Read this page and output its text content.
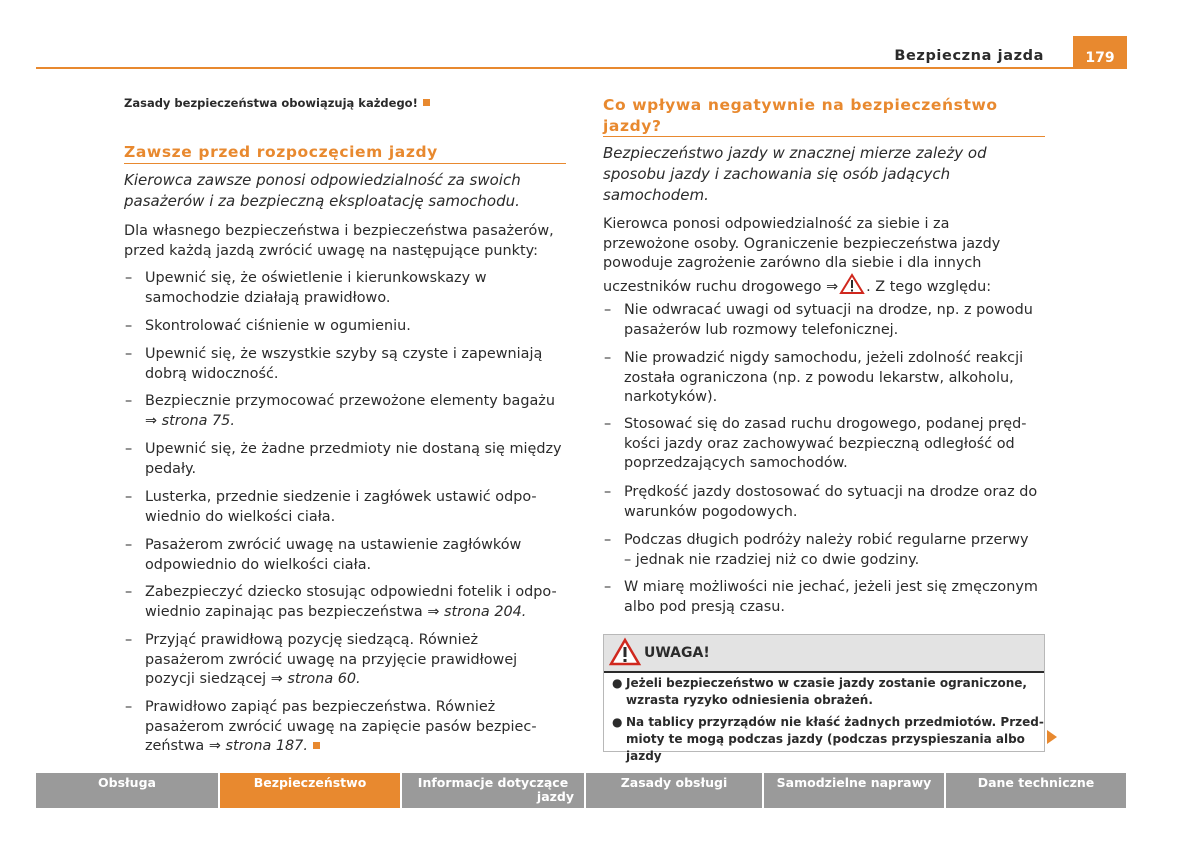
Bezpieczna jazda	179
Zasady bezpieczeństwa obowiązują każdego!
Zawsze przed rozpoczęciem jazdy
Kierowca zawsze ponosi odpowiedzialność za swoich
pasażerów i za bezpieczną eksploatację samochodu.
Dla własnego bezpieczeństwa i bezpieczeństwa pasażerów,
przed każdą jazdą zwrócić uwagę na następujące punkty:
– Upewnić się, że oświetlenie i kierunkowskazy w
samochodzie działają prawidłowo.
– Skontrolować ciśnienie w ogumieniu.
– Upewnić się, że wszystkie szyby są czyste i zapewniają
dobrą widoczność.
– Bezpiecznie przymocować przewożone elementy bagażu
⇒ strona 75.
– Upewnić się, że żadne przedmioty nie dostaną się między
pedały.
– Lusterka, przednie siedzenie i zagłówek ustawić odpo-
wiednio do wielkości ciała.
– Pasażerom zwrócić uwagę na ustawienie zagłówków
odpowiednio do wielkości ciała.
– Zabezpieczyć dziecko stosując odpowiedni fotelik i odpo-
wiednio zapinając pas bezpieczeństwa ⇒ strona 204.
– Przyjąć prawidłową pozycję siedzącą. Również
pasażerom zwrócić uwagę na przyjęcie prawidłowej
pozycji siedzącej ⇒ strona 60.
– Prawidłowo zapiąć pas bezpieczeństwa. Również
pasażerom zwrócić uwagę na zapięcie pasów bezpiec-
zeństwa ⇒ strona 187.
Co wpływa negatywnie na bezpieczeństwo
jazdy?
Bezpieczeństwo jazdy w znacznej mierze zależy od
sposobu jazdy i zachowania się osób jadących
samochodem.
Kierowca ponosi odpowiedzialność za siebie i za
przewożone osoby. Ograniczenie bezpieczeństwa jazdy
powoduje zagrożenie zarówno dla siebie i dla innych
uczestników ruchu drogowego ⇒ . Z tego względu:
– Nie odwracać uwagi od sytuacji na drodze, np. z powodu
pasażerów lub rozmowy telefonicznej.
– Nie prowadzić nigdy samochodu, jeżeli zdolność reakcji
została ograniczona (np. z powodu lekarstw, alkoholu,
narkotyków).
– Stosować się do zasad ruchu drogowego, podanej pręd-
kości jazdy oraz zachowywać bezpieczną odległość od
poprzedzających samochodów.
– Prędkość jazdy dostosować do sytuacji na drodze oraz do
warunków pogodowych.
– Podczas długich podróży należy robić regularne przerwy
– jednak nie rzadziej niż co dwie godziny.
– W miarę możliwości nie jechać, jeżeli jest się zmęczonym
albo pod presją czasu.
UWAGA!
● Jeżeli bezpieczeństwo w czasie jazdy zostanie ograniczone,
wzrasta ryzyko odniesienia obrażeń.
● Na tablicy przyrządów nie kłaść żadnych przedmiotów. Przed-
mioty te mogą podczas jazdy (podczas przyspieszania albo jazdy
Obsługa	Bezpieczeństwo	Informacje dotyczące
jazdy
Zasady obsługi	Samodzielne naprawy	Dane techniczne
